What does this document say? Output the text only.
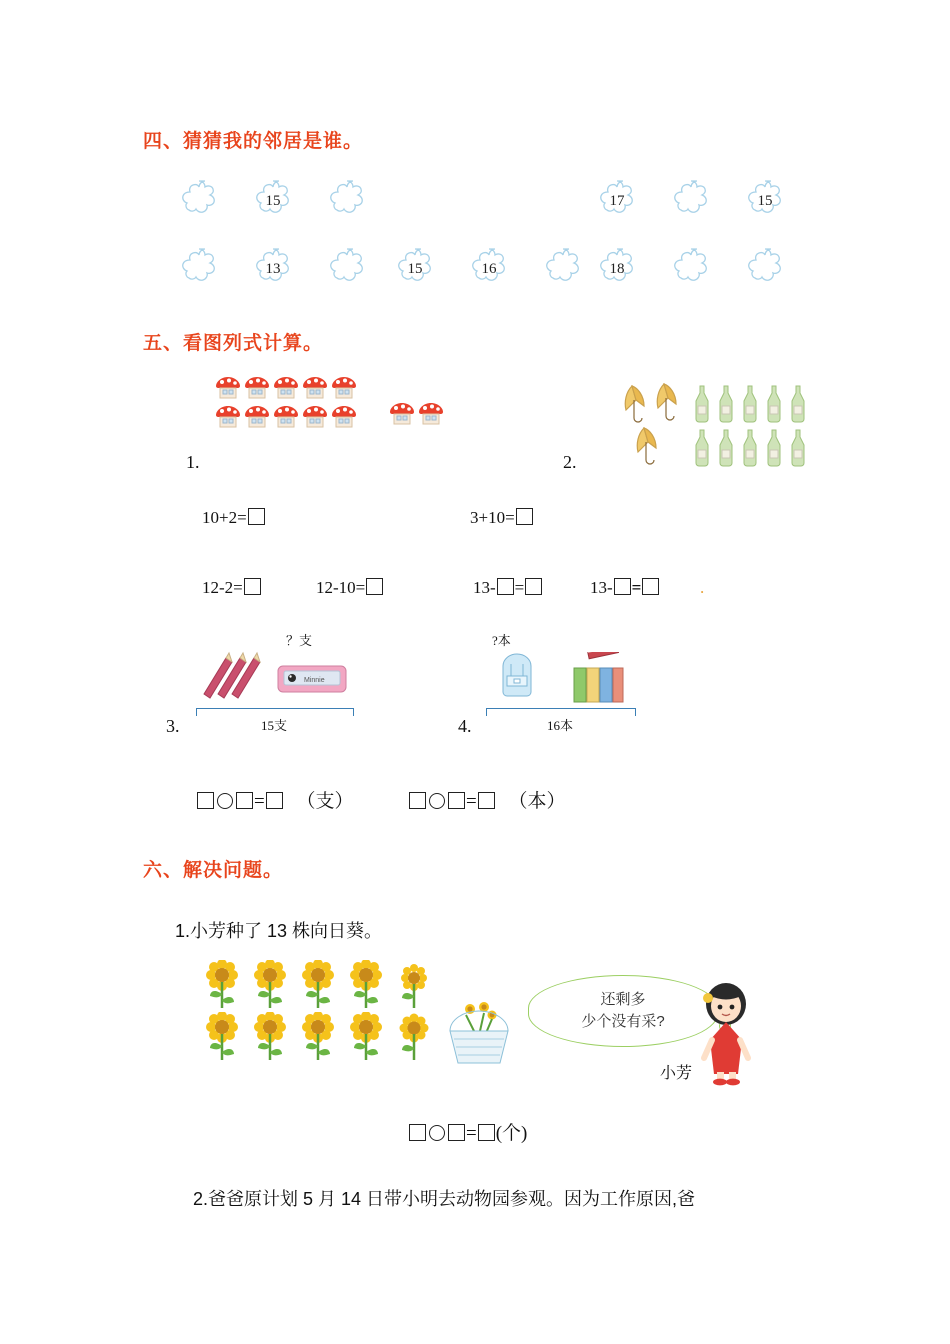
四、猜猜我的邻居是谁。
15	17	15
13	15	16	18
五、看图列式计算。
1.	2.
10+2=	3+10=
12-2=	12-10=	13- =	13- =	.
？支
Minnie
15支
3.
?本
16本
4.
= （支）	= （本）
六、解决问题。
1.小芳种了 13 株向日葵。
还剩多
少个没有采?
小芳
= (个)
2.爸爸原计划 5 月 14 日带小明去动物园参观。因为工作原因,爸
